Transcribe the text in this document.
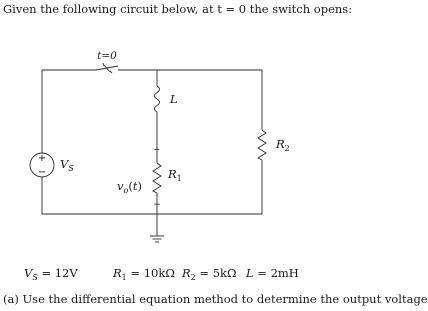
Given the following circuit below, at t = 0 the switch opens:
t=0
+
−
+
−
$V_S$
L
$R_1$
$R_2$
$v_o(t)$
$V_S = 12V$	$R_1 = 10k\Omega$ $R_2 = 5k\Omega$ L = 2mH
(a) Use the differential equation method to determine the output voltage
